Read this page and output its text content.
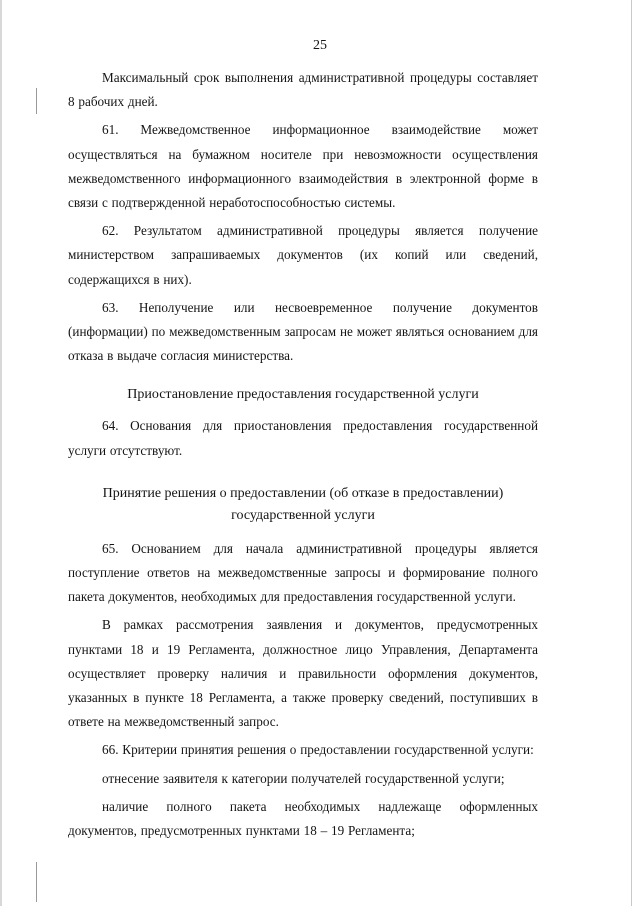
25

Максимальный срок выполнения административной процедуры составляет 8 рабочих дней.

61. Межведомственное информационное взаимодействие может осуществляться на бумажном носителе при невозможности осуществления межведомственного информационного взаимодействия в электронной форме в связи с подтвержденной неработоспособностью системы.

62. Результатом административной процедуры является получение министерством запрашиваемых документов (их копий или сведений, содержащихся в них).

63. Неполучение или несвоевременное получение документов (информации) по межведомственным запросам не может являться основанием для отказа в выдаче согласия министерства.

Приостановление предоставления государственной услуги

64. Основания для приостановления предоставления государственной услуги отсутствуют.

Принятие решения о предоставлении (об отказе в предоставлении)
государственной услуги

65. Основанием для начала административной процедуры является поступление ответов на межведомственные запросы и формирование полного пакета документов, необходимых для предоставления государственной услуги.

В рамках рассмотрения заявления и документов, предусмотренных пунктами 18 и 19 Регламента, должностное лицо Управления, Департамента осуществляет проверку наличия и правильности оформления документов, указанных в пункте 18 Регламента, а также проверку сведений, поступивших в ответе на межведомственный запрос.

66. Критерии принятия решения о предоставлении государственной услуги:

отнесение заявителя к категории получателей государственной услуги;

наличие полного пакета необходимых надлежаще оформленных документов, предусмотренных пунктами 18 – 19 Регламента;
